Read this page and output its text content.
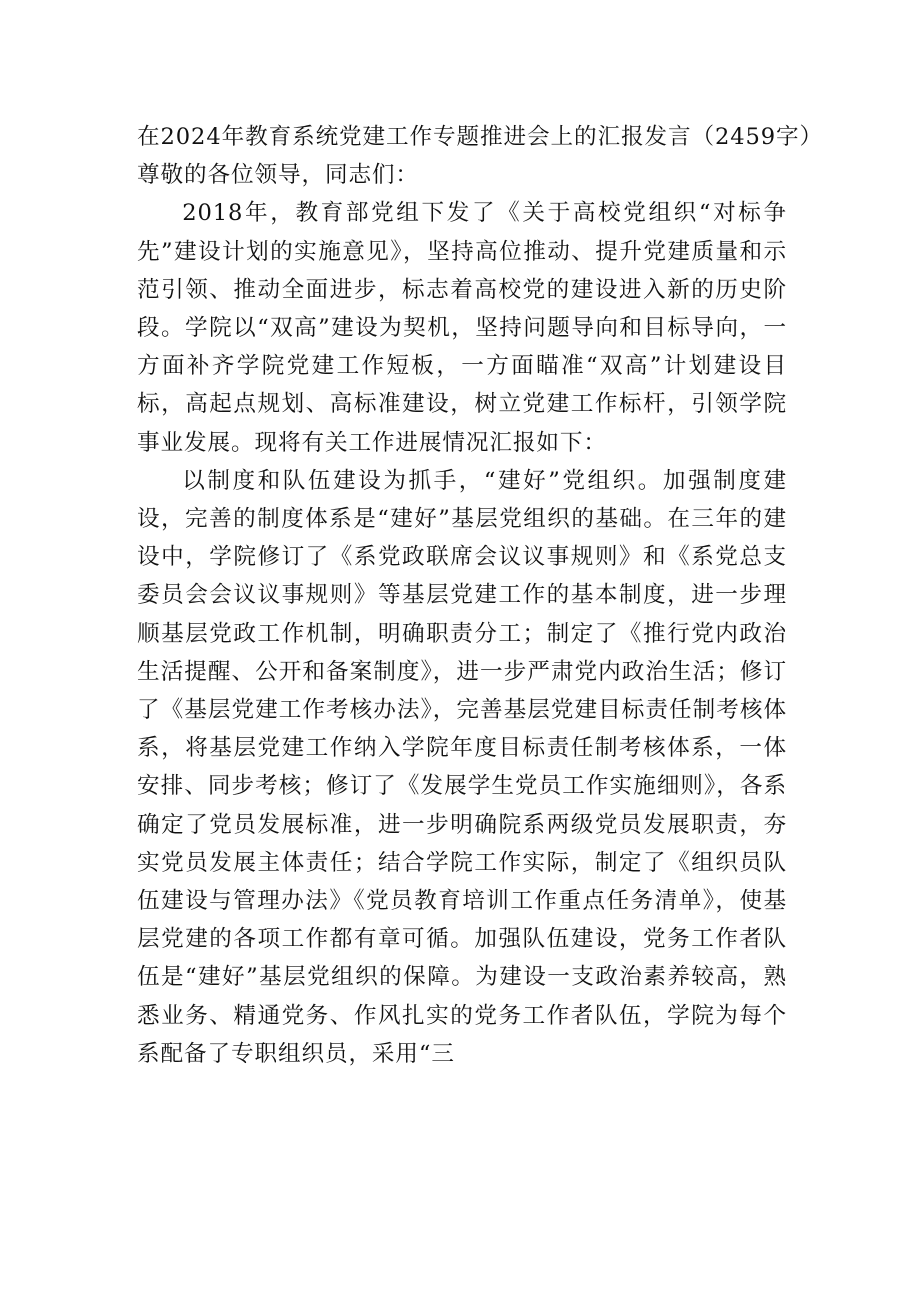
在2024年教育系统党建工作专题推进会上的汇报发言（2459字）
尊敬的各位领导，同志们：

2018年，教育部党组下发了《关于高校党组织“对标争先”建设计划的实施意见》，坚持高位推动、提升党建质量和示范引领、推动全面进步，标志着高校党的建设进入新的历史阶段。学院以“双高”建设为契机，坚持问题导向和目标导向，一方面补齐学院党建工作短板，一方面瞄准“双高”计划建设目标，高起点规划、高标准建设，树立党建工作标杆，引领学院事业发展。现将有关工作进展情况汇报如下：

以制度和队伍建设为抓手，“建好”党组织。加强制度建设，完善的制度体系是“建好”基层党组织的基础。在三年的建设中，学院修订了《系党政联席会议议事规则》和《系党总支委员会会议议事规则》等基层党建工作的基本制度，进一步理顺基层党政工作机制，明确职责分工；制定了《推行党内政治生活提醒、公开和备案制度》，进一步严肃党内政治生活；修订了《基层党建工作考核办法》，完善基层党建目标责任制考核体系，将基层党建工作纳入学院年度目标责任制考核体系，一体安排、同步考核；修订了《发展学生党员工作实施细则》，各系确定了党员发展标准，进一步明确院系两级党员发展职责，夯实党员发展主体责任；结合学院工作实际，制定了《组织员队伍建设与管理办法》《党员教育培训工作重点任务清单》，使基层党建的各项工作都有章可循。加强队伍建设，党务工作者队伍是“建好”基层党组织的保障。为建设一支政治素养较高，熟悉业务、精通党务、作风扎实的党务工作者队伍，学院为每个系配备了专职组织员，采用“三
